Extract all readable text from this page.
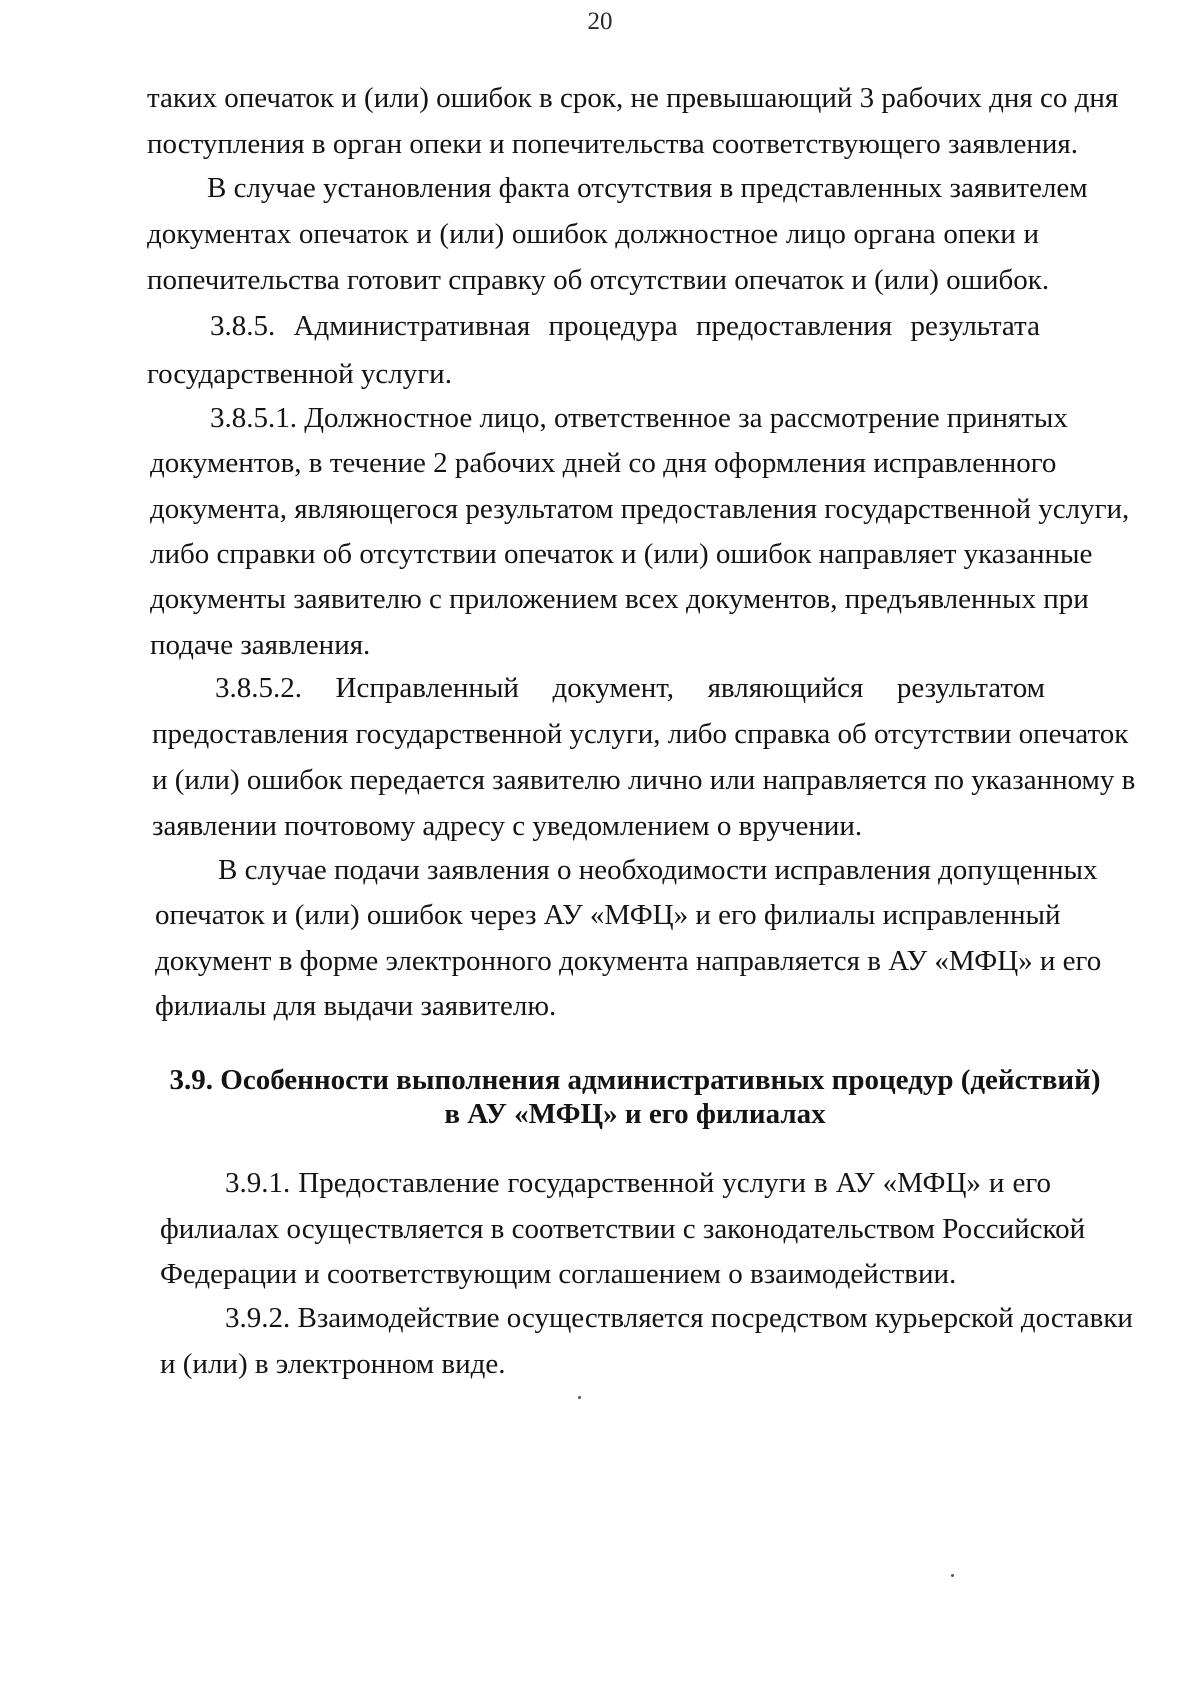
20
таких опечаток и (или) ошибок в срок, не превышающий 3 рабочих дня со дня
поступления в орган опеки и попечительства соответствующего заявления.
В случае установления факта отсутствия в представленных заявителем
документах опечаток и (или) ошибок должностное лицо органа опеки и
попечительства готовит справку об отсутствии опечаток и (или) ошибок.
3.8.5. Административная процедура предоставления результата
государственной услуги.
3.8.5.1. Должностное лицо, ответственное за рассмотрение принятых
документов, в течение 2 рабочих дней со дня оформления исправленного
документа, являющегося результатом предоставления государственной услуги,
либо справки об отсутствии опечаток и (или) ошибок направляет указанные
документы заявителю с приложением всех документов, предъявленных при
подаче заявления.
3.8.5.2. Исправленный документ, являющийся результатом
предоставления государственной услуги, либо справка об отсутствии опечаток
и (или) ошибок передается заявителю лично или направляется по указанному в
заявлении почтовому адресу с уведомлением о вручении.
В случае подачи заявления о необходимости исправления допущенных
опечаток и (или) ошибок через АУ «МФЦ» и его филиалы исправленный
документ в форме электронного документа направляется в АУ «МФЦ» и его
филиалы для выдачи заявителю.
3.9. Особенности выполнения административных процедур (действий)
в АУ «МФЦ» и его филиалах
3.9.1. Предоставление государственной услуги в АУ «МФЦ» и его
филиалах осуществляется в соответствии с законодательством Российской
Федерации и соответствующим соглашением о взаимодействии.
3.9.2. Взаимодействие осуществляется посредством курьерской доставки
и (или) в электронном виде.
